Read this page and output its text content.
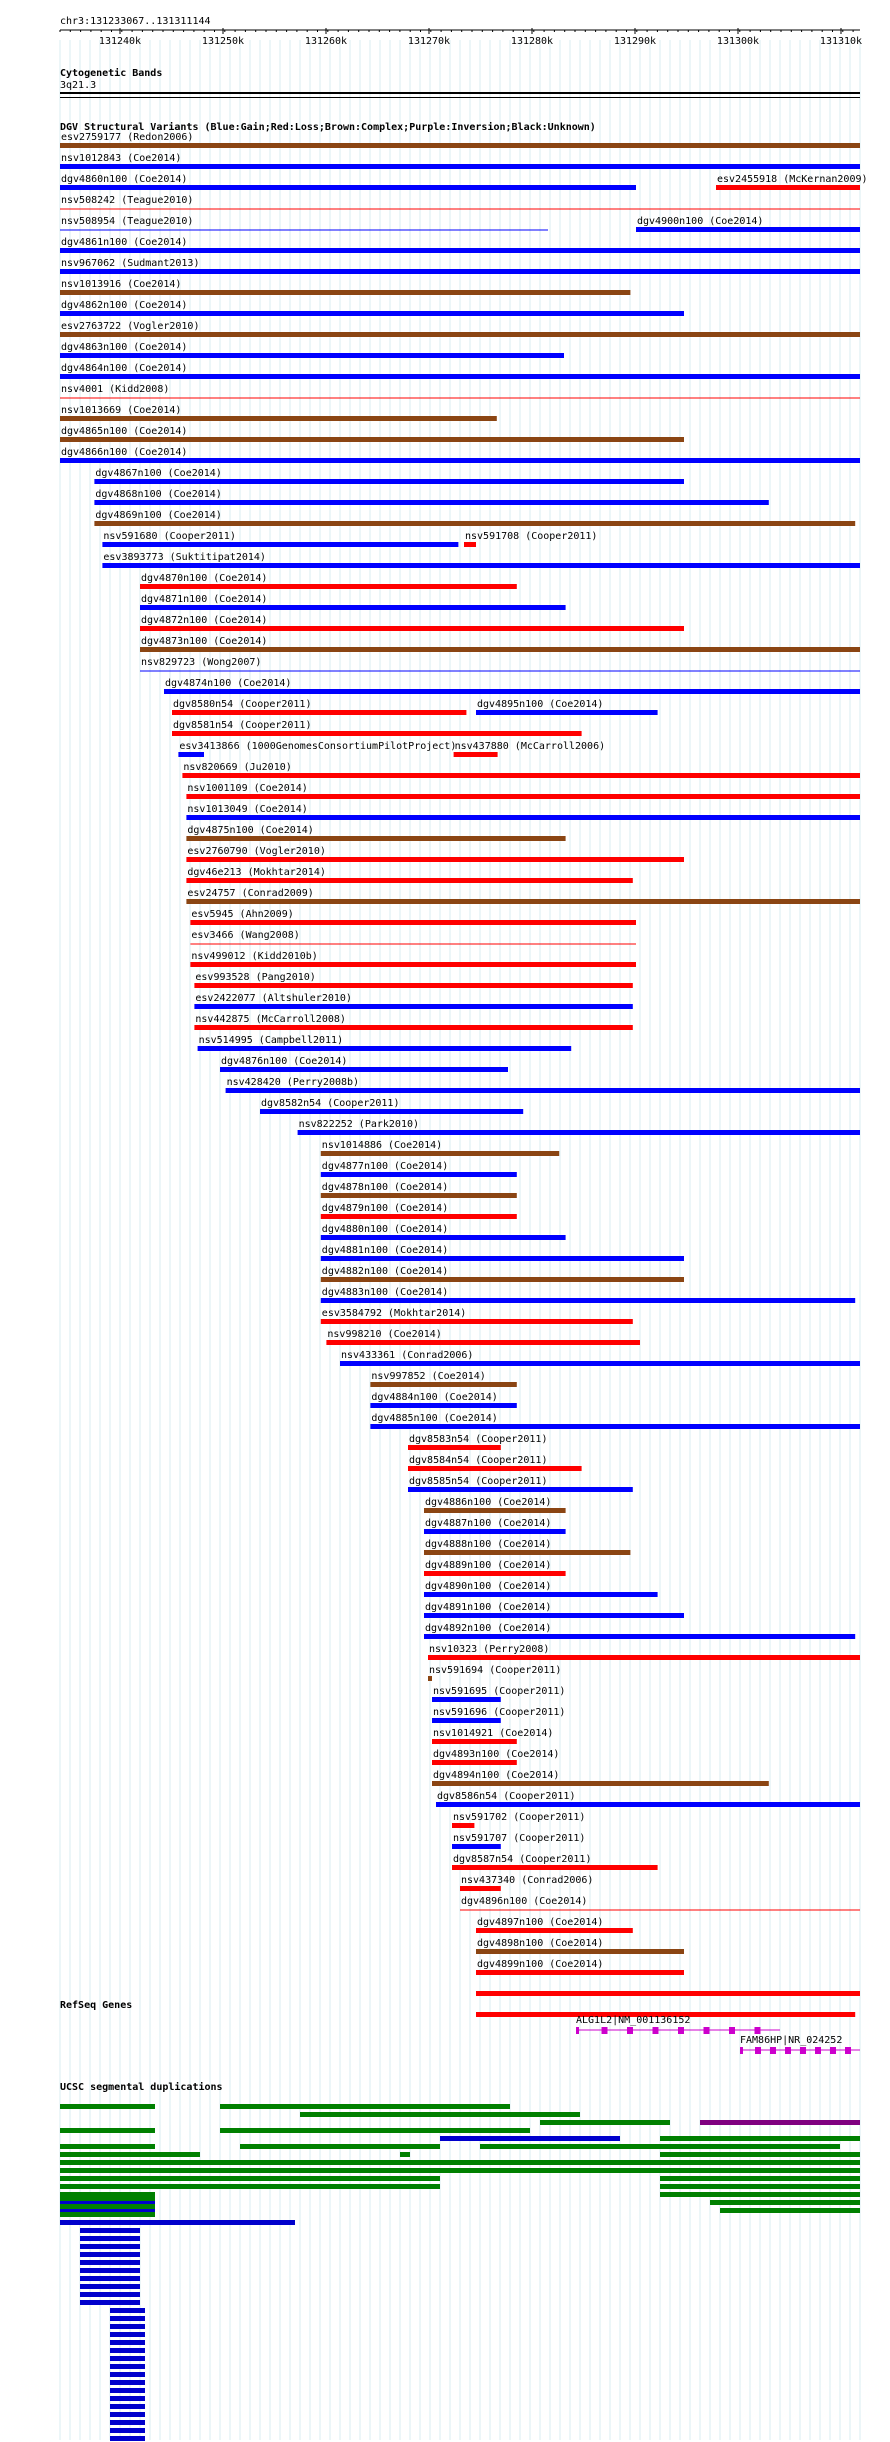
chr3:131233067..131311144
131240k	131250k	131260k	131270k	131280k	131290k	131300k	131310k
Cytogenetic Bands
3q21.3
DGV Structural Variants (Blue:Gain;Red:Loss;Brown:Complex;Purple:Inversion;Black:Unknown)
esv2759177 (Redon2006)
nsv1012843 (Coe2014)
dgv4860n100 (Coe2014)	esv2455918 (McKernan2009)
nsv508242 (Teague2010)
nsv508954 (Teague2010)	dgv4900n100 (Coe2014)
dgv4861n100 (Coe2014)
nsv967062 (Sudmant2013)
nsv1013916 (Coe2014)
dgv4862n100 (Coe2014)
esv2763722 (Vogler2010)
dgv4863n100 (Coe2014)
dgv4864n100 (Coe2014)
nsv4001 (Kidd2008)
nsv1013669 (Coe2014)
dgv4865n100 (Coe2014)
dgv4866n100 (Coe2014)
dgv4867n100 (Coe2014)
dgv4868n100 (Coe2014)
dgv4869n100 (Coe2014)
nsv591680 (Cooper2011)	nsv591708 (Cooper2011)
esv3893773 (Suktitipat2014)
dgv4870n100 (Coe2014)
dgv4871n100 (Coe2014)
dgv4872n100 (Coe2014)
dgv4873n100 (Coe2014)
nsv829723 (Wong2007)
dgv4874n100 (Coe2014)
dgv8580n54 (Cooper2011)	dgv4895n100 (Coe2014)
dgv8581n54 (Cooper2011)
esv3413866 (1000GenomesConsortiumPilotProject)
nsv437880 (McCarroll2006)
nsv820669 (Ju2010)
nsv1001109 (Coe2014)
nsv1013049 (Coe2014)
dgv4875n100 (Coe2014)
esv2760790 (Vogler2010)
dgv46e213 (Mokhtar2014)
esv24757 (Conrad2009)
esv5945 (Ahn2009)
esv3466 (Wang2008)
nsv499012 (Kidd2010b)
esv993528 (Pang2010)
esv2422077 (Altshuler2010)
nsv442875 (McCarroll2008)
nsv514995 (Campbell2011)
dgv4876n100 (Coe2014)
nsv428420 (Perry2008b)
dgv8582n54 (Cooper2011)
nsv822252 (Park2010)
nsv1014886 (Coe2014)
dgv4877n100 (Coe2014)
dgv4878n100 (Coe2014)
dgv4879n100 (Coe2014)
dgv4880n100 (Coe2014)
dgv4881n100 (Coe2014)
dgv4882n100 (Coe2014)
dgv4883n100 (Coe2014)
esv3584792 (Mokhtar2014)
nsv998210 (Coe2014)
nsv433361 (Conrad2006)
nsv997852 (Coe2014)
dgv4884n100 (Coe2014)
dgv4885n100 (Coe2014)
dgv8583n54 (Cooper2011)
dgv8584n54 (Cooper2011)
dgv8585n54 (Cooper2011)
dgv4886n100 (Coe2014)
dgv4887n100 (Coe2014)
dgv4888n100 (Coe2014)
dgv4889n100 (Coe2014)
dgv4890n100 (Coe2014)
dgv4891n100 (Coe2014)
dgv4892n100 (Coe2014)
nsv10323 (Perry2008)
nsv591694 (Cooper2011)
nsv591695 (Cooper2011)
nsv591696 (Cooper2011)
nsv1014921 (Coe2014)
dgv4893n100 (Coe2014)
dgv4894n100 (Coe2014)
dgv8586n54 (Cooper2011)
nsv591702 (Cooper2011)
nsv591707 (Cooper2011)
dgv8587n54 (Cooper2011)
nsv437340 (Conrad2006)
dgv4896n100 (Coe2014)
dgv4897n100 (Coe2014)
dgv4898n100 (Coe2014)
dgv4899n100 (Coe2014)
RefSeq Genes
ALG1L2|NM_001136152
FAM86HP|NR_024252
UCSC segmental duplications
